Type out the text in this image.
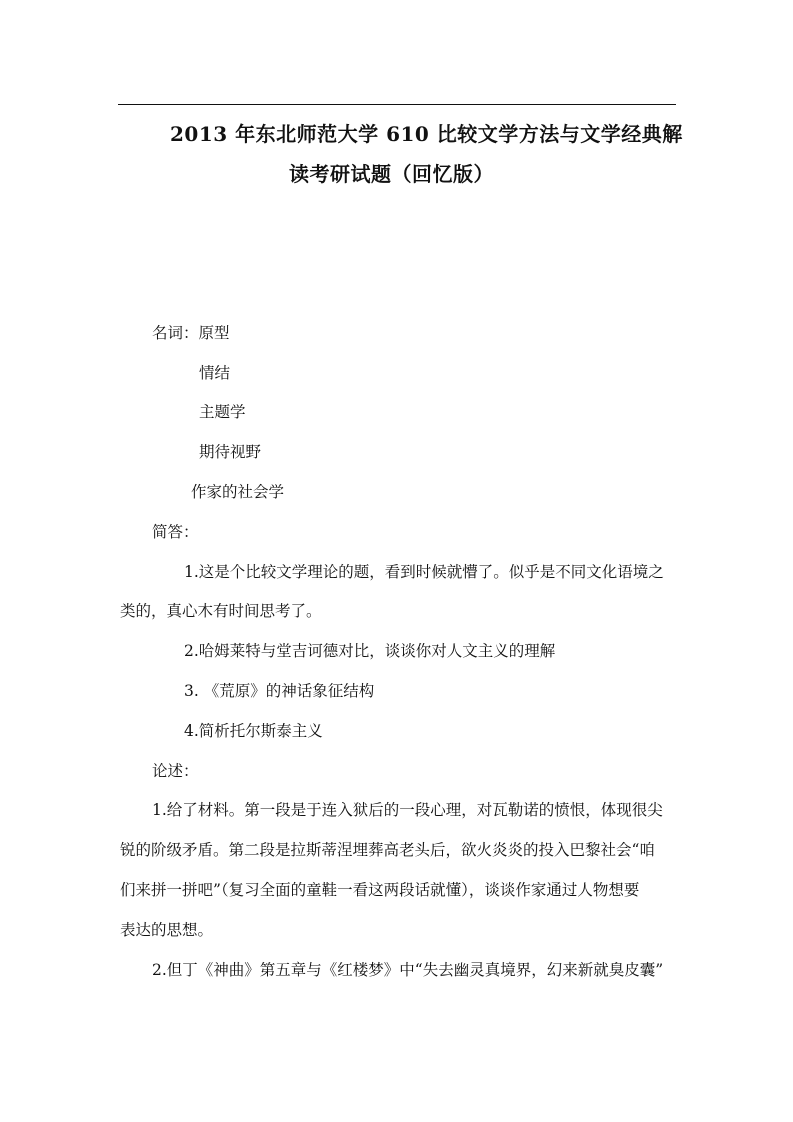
2013 年东北师范大学 610 比较文学方法与文学经典解
读考研试题（回忆版）
名词：原型
情结
主题学
期待视野
作家的社会学
简答：
1.这是个比较文学理论的题，看到时候就懵了。似乎是不同文化语境之
类的，真心木有时间思考了。
2.哈姆莱特与堂吉诃德对比，谈谈你对人文主义的理解
3. 《荒原》的神话象征结构
4.简析托尔斯泰主义
论述：
1.给了材料。第一段是于连入狱后的一段心理，对瓦勒诺的愤恨，体现很尖
锐的阶级矛盾。第二段是拉斯蒂涅埋葬高老头后，欲火炎炎的投入巴黎社会“咱
们来拼一拼吧”（复习全面的童鞋一看这两段话就懂），谈谈作家通过人物想要
表达的思想。
2.但丁《神曲》第五章与《红楼梦》中“失去幽灵真境界，幻来新就臭皮囊”
